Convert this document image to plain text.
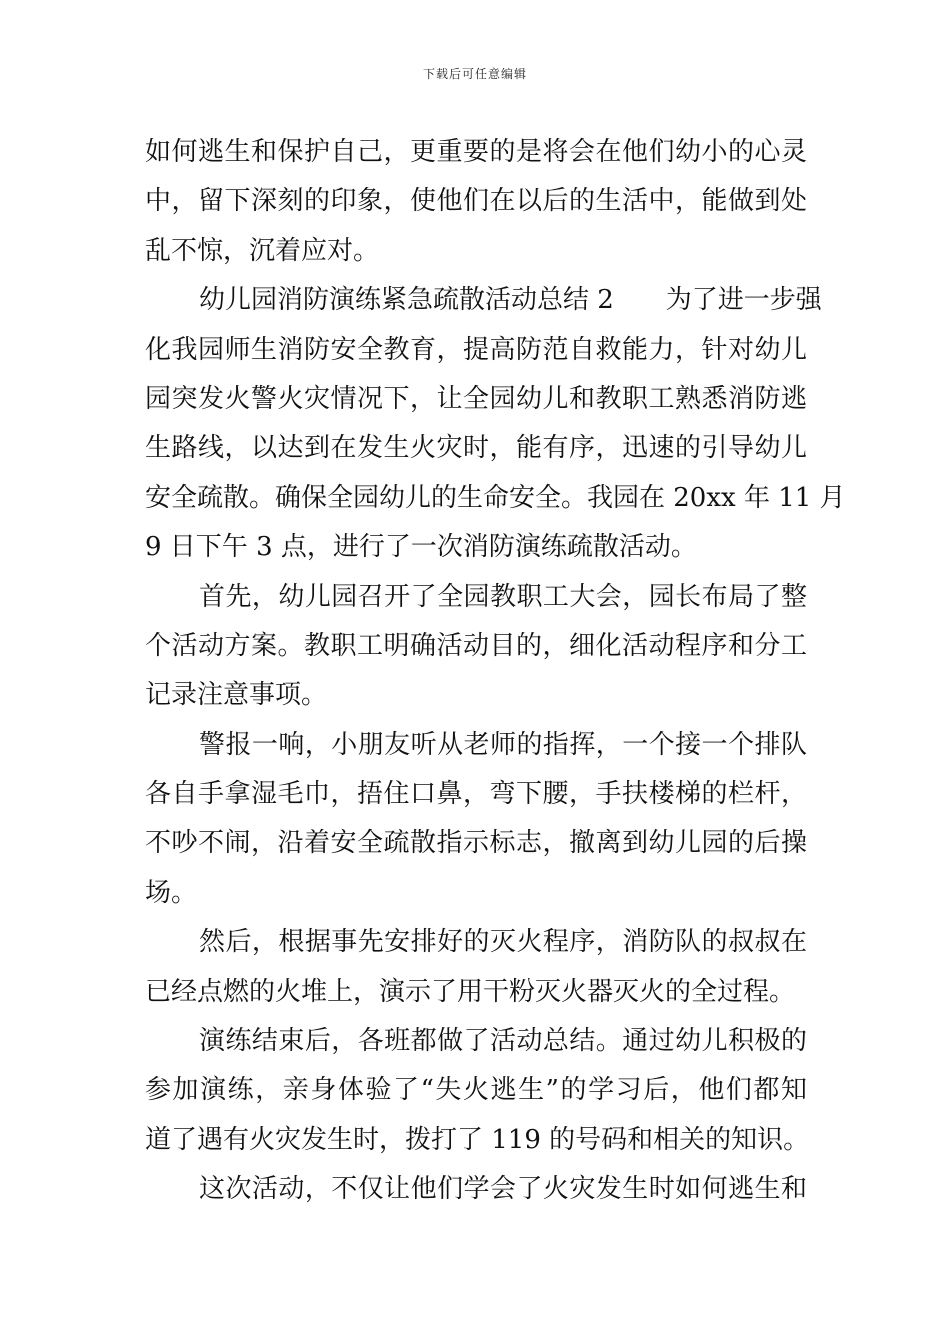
下载后可任意编辑
如何逃生和保护自己，更重要的是将会在他们幼小的心灵
中，留下深刻的印象，使他们在以后的生活中，能做到处
乱不惊，沉着应对。
幼儿园消防演练紧急疏散活动总结 2　　为了进一步强
化我园师生消防安全教育，提高防范自救能力，针对幼儿
园突发火警火灾情况下，让全园幼儿和教职工熟悉消防逃
生路线，以达到在发生火灾时，能有序，迅速的引导幼儿
安全疏散。确保全园幼儿的生命安全。我园在 20xx 年 11 月
9 日下午 3 点，进行了一次消防演练疏散活动。
首先，幼儿园召开了全园教职工大会，园长布局了整
个活动方案。教职工明确活动目的，细化活动程序和分工
记录注意事项。
警报一响，小朋友听从老师的指挥，一个接一个排队
各自手拿湿毛巾，捂住口鼻，弯下腰，手扶楼梯的栏杆，
不吵不闹，沿着安全疏散指示标志，撤离到幼儿园的后操
场。
然后，根据事先安排好的灭火程序，消防队的叔叔在
已经点燃的火堆上，演示了用干粉灭火器灭火的全过程。
演练结束后，各班都做了活动总结。通过幼儿积极的
参加演练，亲身体验了“失火逃生”的学习后，他们都知
道了遇有火灾发生时，拨打了 119 的号码和相关的知识。
这次活动，不仅让他们学会了火灾发生时如何逃生和
